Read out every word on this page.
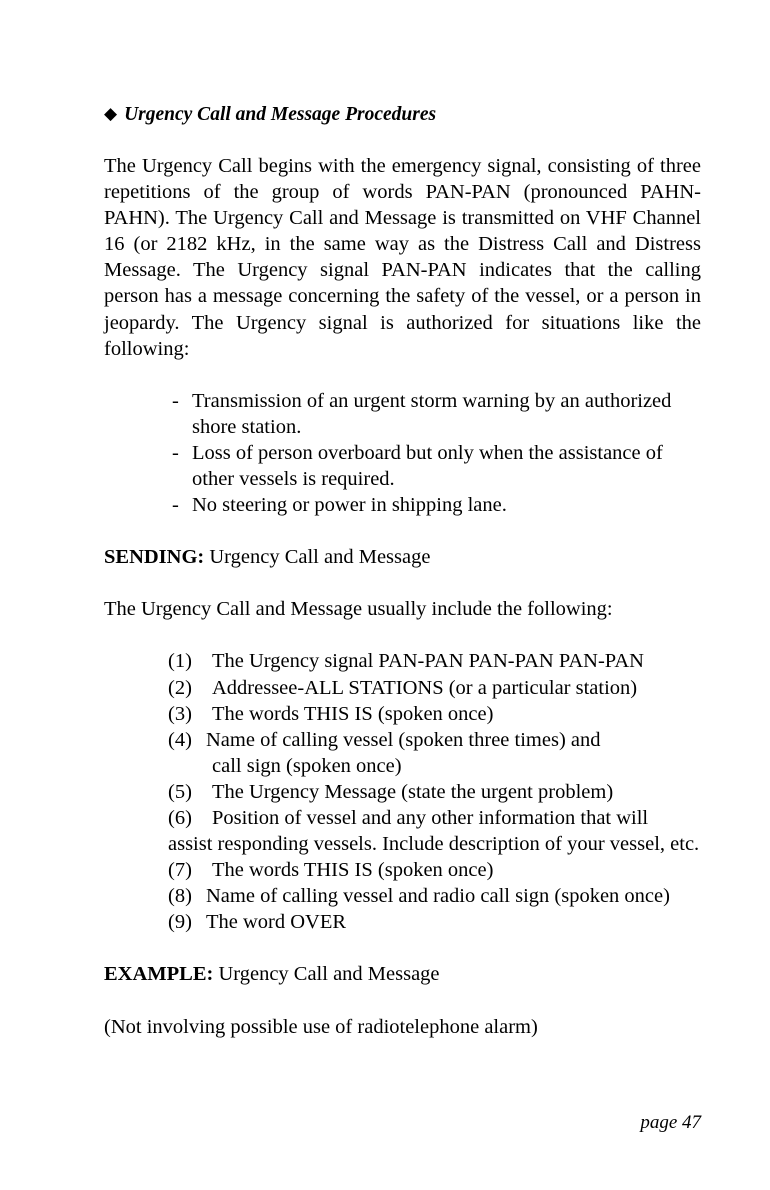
◆ Urgency Call and Message Procedures

The Urgency Call begins with the emergency signal, consisting of three repetitions of the group of words PAN-PAN (pronounced PAHN-PAHN). The Urgency Call and Message is transmitted on VHF Channel 16 (or 2182 kHz, in the same way as the Distress Call and Distress Message. The Urgency signal PAN-PAN indicates that the calling person has a message concerning the safety of the vessel, or a person in jeopardy. The Urgency signal is authorized for situations like the following:

- Transmission of an urgent storm warning by an authorized shore station.
- Loss of person overboard but only when the assistance of other vessels is required.
- No steering or power in shipping lane.

SENDING: Urgency Call and Message

The Urgency Call and Message usually include the following:

(1) The Urgency signal PAN-PAN PAN-PAN PAN-PAN
(2) Addressee-ALL STATIONS (or a particular station)
(3) The words THIS IS (spoken once)
(4) Name of calling vessel (spoken three times) and
call sign (spoken once)
(5) The Urgency Message (state the urgent problem)
(6) Position of vessel and any other information that will
assist responding vessels. Include description of your vessel, etc.
(7) The words THIS IS (spoken once)
(8) Name of calling vessel and radio call sign (spoken once)
(9) The word OVER

EXAMPLE: Urgency Call and Message

(Not involving possible use of radiotelephone alarm)

page 47
